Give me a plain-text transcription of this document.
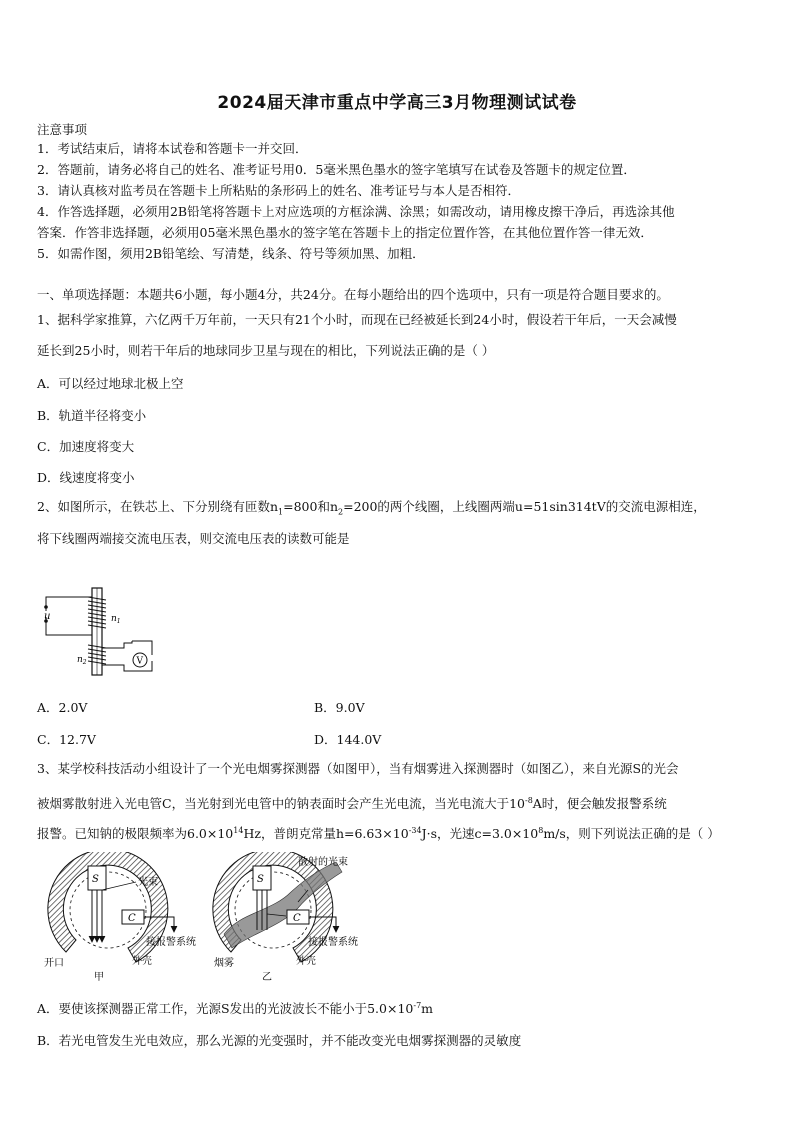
2024届天津市重点中学高三3月物理测试试卷
注意事项
1．考试结束后，请将本试卷和答题卡一并交回．
2．答题前，请务必将自己的姓名、准考证号用0．5毫米黑色墨水的签字笔填写在试卷及答题卡的规定位置．
3．请认真核对监考员在答题卡上所粘贴的条形码上的姓名、准考证号与本人是否相符．
4．作答选择题，必须用2B铅笔将答题卡上对应选项的方框涂满、涂黑；如需改动，请用橡皮擦干净后，再选涂其他
答案．作答非选择题，必须用05毫米黑色墨水的签字笔在答题卡上的指定位置作答，在其他位置作答一律无效．
5．如需作图，须用2B铅笔绘、写清楚，线条、符号等须加黑、加粗．
一、单项选择题：本题共6小题，每小题4分，共24分。在每小题给出的四个选项中，只有一项是符合题目要求的。
1、据科学家推算，六亿两千万年前，一天只有21个小时，而现在已经被延长到24小时，假设若干年后，一天会减慢
延长到25小时，则若干年后的地球同步卫星与现在的相比，下列说法正确的是（ ）
A．可以经过地球北极上空
B．轨道半径将变小
C．加速度将变大
D．线速度将变小
2、如图所示，在铁芯上、下分别绕有匝数$n_1=800$和$n_2=200$的两个线圈，上线圈两端u=51sin314tV的交流电源相连，
将下线圈两端接交流电压表，则交流电压表的读数可能是
u	$n_1$
$n_2$	V
A．2.0V	B．9.0V
C．12.7V	D．144.0V
3、某学校科技活动小组设计了一个光电烟雾探测器（如图甲），当有烟雾进入探测器时（如图乙），来自光源S的光会
被烟雾散射进入光电管C，当光射到光电管中的钠表面时会产生光电流，当光电流大于$10^{-8}A$时，便会触发报警系统
报警。已知钠的极限频率为$6.0\times 10^{14}Hz$，普朗克常量$h=6.63\times 10^{-34}J\cdot s$，光速$c=3.0\times 10^8m/s$，则下列说法正确的是（ ）
S	光束
C
接报警系统
开口	外壳
甲
S
散射的光束
C
接报警系统
烟雾	外壳
乙
A．要使该探测器正常工作，光源S发出的光波波长不能小于$5.0\times 10^{-7}m$
B．若光电管发生光电效应，那么光源的光变强时，并不能改变光电烟雾探测器的灵敏度
